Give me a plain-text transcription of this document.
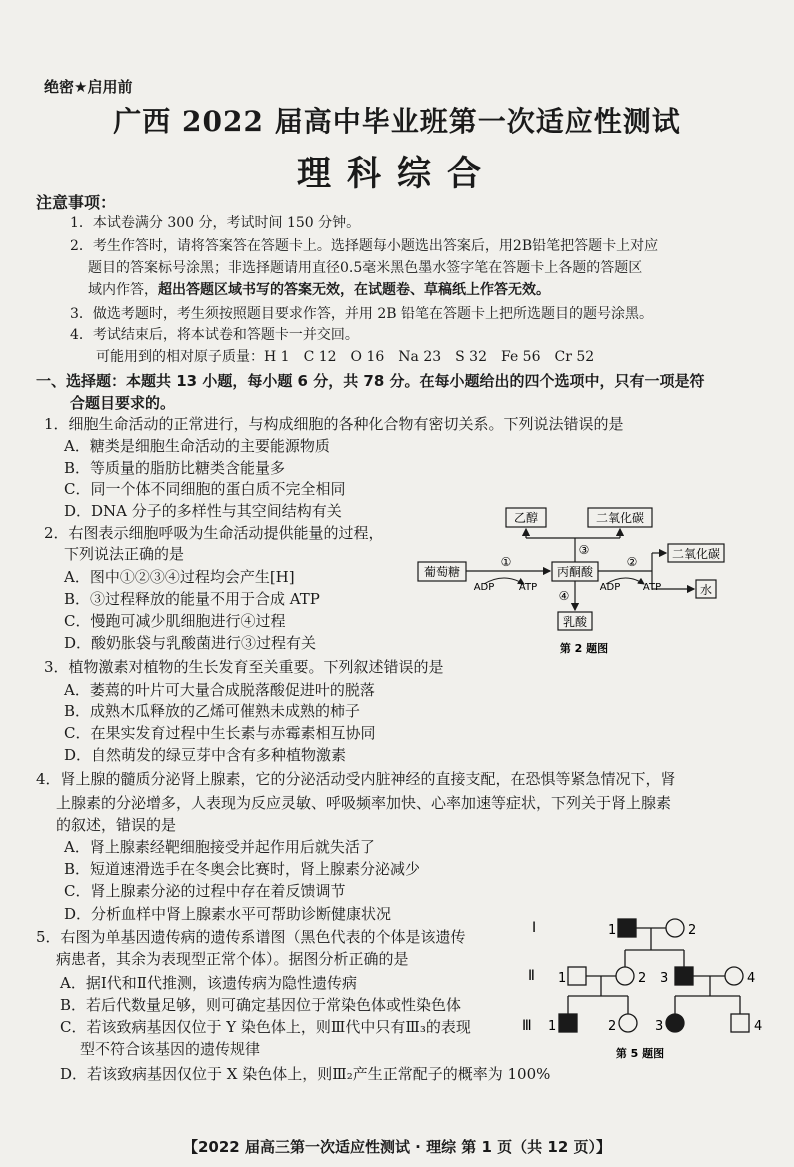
绝密★启用前
广西 2022 届高中毕业班第一次适应性测试
理科综合
注意事项：
1．本试卷满分 300 分，考试时间 150 分钟。
2．考生作答时，请将答案答在答题卡上。选择题每小题选出答案后，用2B铅笔把答题卡上对应
题目的答案标号涂黑；非选择题请用直径0.5毫米黑色墨水签字笔在答题卡上各题的答题区
域内作答，超出答题区域书写的答案无效，在试题卷、草稿纸上作答无效。
3．做选考题时，考生须按照题目要求作答，并用 2B 铅笔在答题卡上把所选题目的题号涂黑。
4．考试结束后，将本试卷和答题卡一并交回。
可能用到的相对原子质量：H 1　C 12　O 16　Na 23　S 32　Fe 56　Cr 52
一、选择题：本题共 13 小题，每小题 6 分，共 78 分。在每小题给出的四个选项中，只有一项是符
合题目要求的。
1．细胞生命活动的正常进行，与构成细胞的各种化合物有密切关系。下列说法错误的是
A．糖类是细胞生命活动的主要能源物质
B．等质量的脂肪比糖类含能量多
C．同一个体不同细胞的蛋白质不完全相同
D．DNA 分子的多样性与其空间结构有关
2．右图表示细胞呼吸为生命活动提供能量的过程，
下列说法正确的是
A．图中①②③④过程均会产生[H]
B．③过程释放的能量不用于合成 ATP
C．慢跑可减少肌细胞进行④过程
D．酸奶胀袋与乳酸菌进行③过程有关
乙醇	二氧化碳
葡萄糖	丙酮酸
二氧化碳
水
乳酸
ADP ATP	ADP ATP
①	②
③
④
第 2 题图
3．植物激素对植物的生长发育至关重要。下列叙述错误的是
A．萎蔫的叶片可大量合成脱落酸促进叶的脱落
B．成熟木瓜释放的乙烯可催熟未成熟的柿子
C．在果实发育过程中生长素与赤霉素相互协同
D．自然萌发的绿豆芽中含有多种植物激素
4．肾上腺的髓质分泌肾上腺素，它的分泌活动受内脏神经的直接支配，在恐惧等紧急情况下，肾
上腺素的分泌增多，人表现为反应灵敏、呼吸频率加快、心率加速等症状，下列关于肾上腺素
的叙述，错误的是
A．肾上腺素经靶细胞接受并起作用后就失活了
B．短道速滑选手在冬奥会比赛时，肾上腺素分泌减少
C．肾上腺素分泌的过程中存在着反馈调节
D．分析血样中肾上腺素水平可帮助诊断健康状况
5．右图为单基因遗传病的遗传系谱图（黑色代表的个体是该遗传
病患者，其余为表现型正常个体）。据图分析正确的是
A．据Ⅰ代和Ⅱ代推测，该遗传病为隐性遗传病
B．若后代数量足够，则可确定基因位于常染色体或性染色体
C．若该致病基因仅位于 Y 染色体上，则Ⅲ代中只有Ⅲ₃的表现
型不符合该基因的遗传规律
D．若该致病基因仅位于 X 染色体上，则Ⅲ₂产生正常配子的概率为 100%
Ⅰ
Ⅱ
Ⅲ
1	2
1	2 3	4
1	2	3	4
第 5 题图
【2022 届高三第一次适应性测试 · 理综 第 1 页（共 12 页）】
